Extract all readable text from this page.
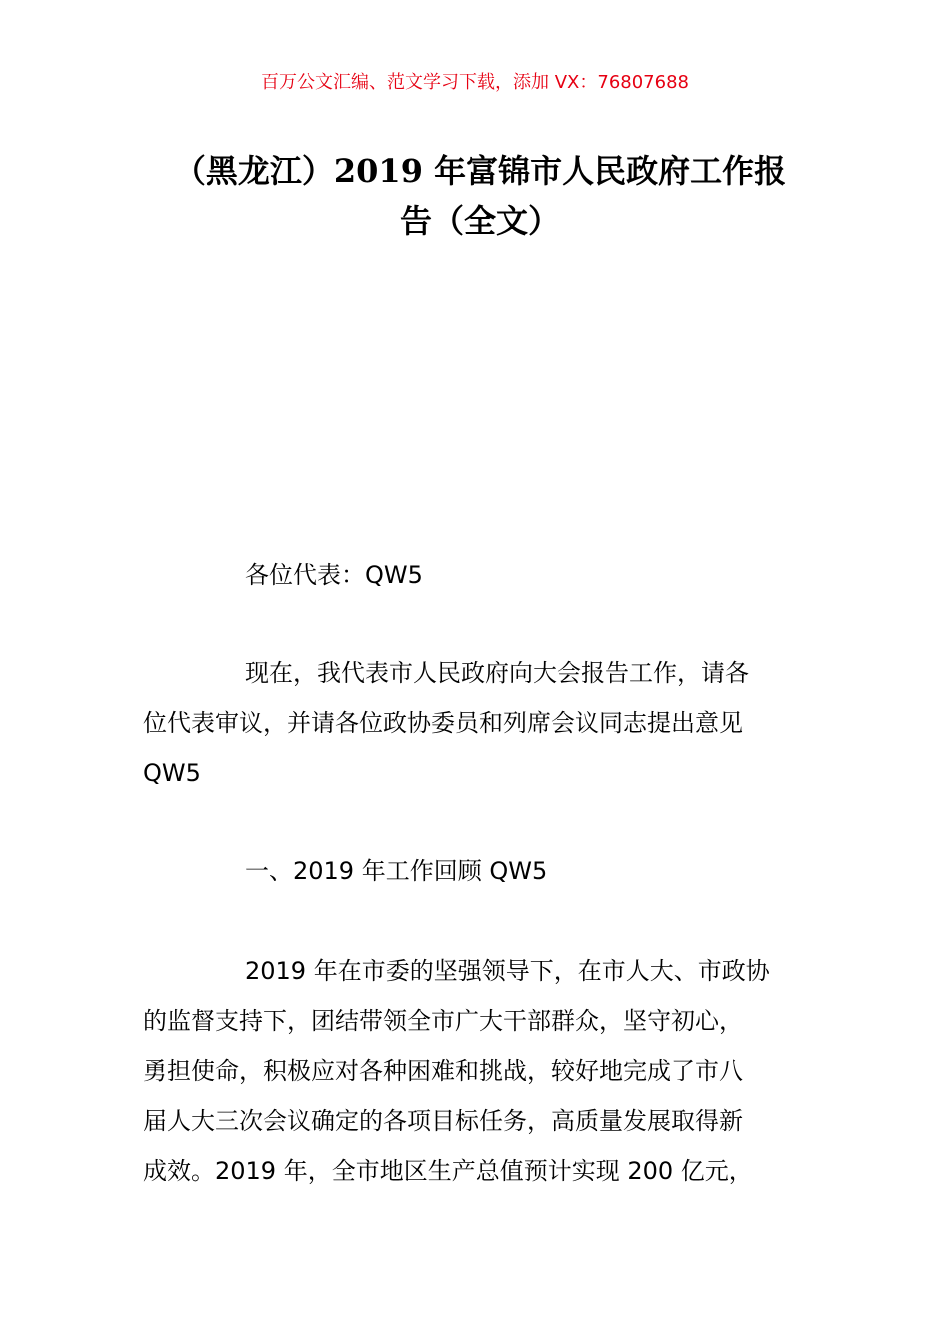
百万公文汇编、范文学习下载，添加 VX：76807688
（黑龙江）2019 年富锦市人民政府工作报
告（全文）
各位代表：QW5
现在，我代表市人民政府向大会报告工作，请各
位代表审议，并请各位政协委员和列席会议同志提出意见
QW5
一、2019 年工作回顾 QW5
2019 年在市委的坚强领导下，在市人大、市政协
的监督支持下，团结带领全市广大干部群众，坚守初心，
勇担使命，积极应对各种困难和挑战，较好地完成了市八
届人大三次会议确定的各项目标任务，高质量发展取得新
成效。2019 年，全市地区生产总值预计实现 200 亿元，
